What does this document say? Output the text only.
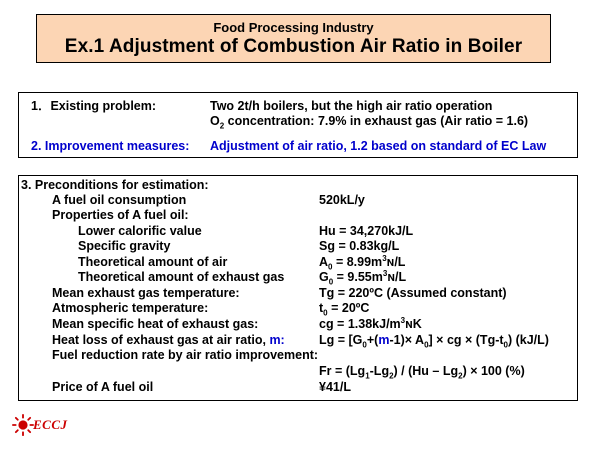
Food Processing Industry
Ex.1 Adjustment of Combustion Air Ratio in Boiler
1．Existing problem:	Two 2t/h boilers, but the high air ratio operation
$O_2$ concentration: 7.9% in exhaust gas (Air ratio = 1.6)
2. Improvement measures: Adjustment of air ratio, 1.2 based on standard of EC Law
3. Preconditions for estimation:
A fuel oil consumption	520kL/y
Properties of A fuel oil:
Lower calorific value	Hu = 34,270kJ/L
Specific gravity	Sg = 0.83kg/L
Theoretical amount of air	$A_0$ = $8.99m^3ɴ/L$
Theoretical amount of exhaust gas	$G_0$ = $9.55m^3ɴ/L$
Mean exhaust gas temperature:	Tg = 220ºC (Assumed constant)
Atmospheric temperature:	$t_0$ = 20ºC
Mean specific heat of exhaust gas:	cg = $1.38kJ/m^3ɴK$
Heat loss of exhaust gas at air ratio, m:	$Lg = [G_0+(m-1)\times A_0]$ × cg × $(Tg-t_0)$ (kJ/L)
Fuel reduction rate by air ratio improvement:
$Fr = (Lg_1-Lg_2) / (Hu - Lg_2) \times 100$ (%)
Price of A fuel oil	¥41/L
ECCJ
